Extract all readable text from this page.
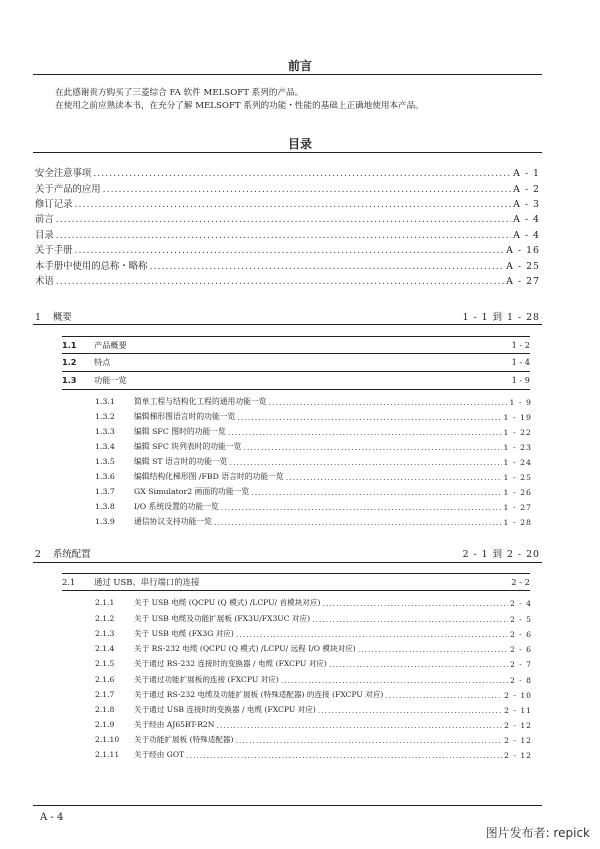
前言
在此感谢贵方购买了三菱综合 FA 软件 MELSOFT 系列的产品。
在使用之前应熟读本书，在充分了解 MELSOFT 系列的功能・性能的基础上正确地使用本产品。
目录
安全注意事项 .....	A - 1
关于产品的应用 .....	A - 2
修订记录 .....	A - 3
前言 .....	A - 4
目录 .....	A - 4
关于手册 .....	A - 16
本手册中使用的总称・略称 .....	A - 25
术语 .....	A - 27
1 概要	1 - 1 到 1 - 28
1.1 产品概要	1 - 2
1.2 特点	1 - 4
1.3 功能一览	1 - 9
1.3.1 简单工程与结构化工程的通用功能一览 .....	1 - 9
1.3.2 编辑梯形图语言时的功能一览 .....	1 - 19
1.3.3 编辑 SFC 图时的功能一览 .....	1 - 22
1.3.4 编辑 SFC 块列表时的功能一览 .....	1 - 23
1.3.5 编辑 ST 语言时的功能一览 .....	1 - 24
1.3.6 编辑结构化梯形图 /FBD 语言时的功能一览 .....	1 - 25
1.3.7 GX Simulator2 画面的功能一览 .....	1 - 26
1.3.8 I/O 系统设置的功能一览 .....	1 - 27
1.3.9 通信协议支持功能一览 .....	1 - 28
2 系统配置	2 - 1 到 2 - 20
2.1 通过 USB、串行端口的连接	2 - 2
2.1.1	关于 USB 电缆 (QCPU (Q 模式) /LCPU/ 首模块对应) .....	2 - 4
2.1.2	关于 USB 电缆及功能扩展板 (FX3U/FX3UC 对应) .....	2 - 5
2.1.3	关于 USB 电缆 (FX3G 对应) .....	2 - 6
2.1.4	关于 RS-232 电缆 (QCPU (Q 模式) /LCPU/ 远程 I/O 模块对应) .....	2 - 6
2.1.5	关于通过 RS-232 连接时的变换器 / 电缆 (FXCPU 对应) .....	2 - 7
2.1.6	关于通过功能扩展板的连接 (FXCPU 对应) .....	2 - 8
2.1.7	关于通过 RS-232 电缆及功能扩展板 (特殊适配器) 的连接 (FXCPU 对应) .....	2 - 10
2.1.8	关于通过 USB 连接时的变换器 / 电缆 (FXCPU 对应) .....	2 - 11
2.1.9	关于经由 AJ65BT-R2N .....	2 - 12
2.1.10 关于功能扩展板 (特殊适配器) .....	2 - 12
2.1.11 关于经由 GOT .....	2 - 12
A - 4
图片发布者: repick
